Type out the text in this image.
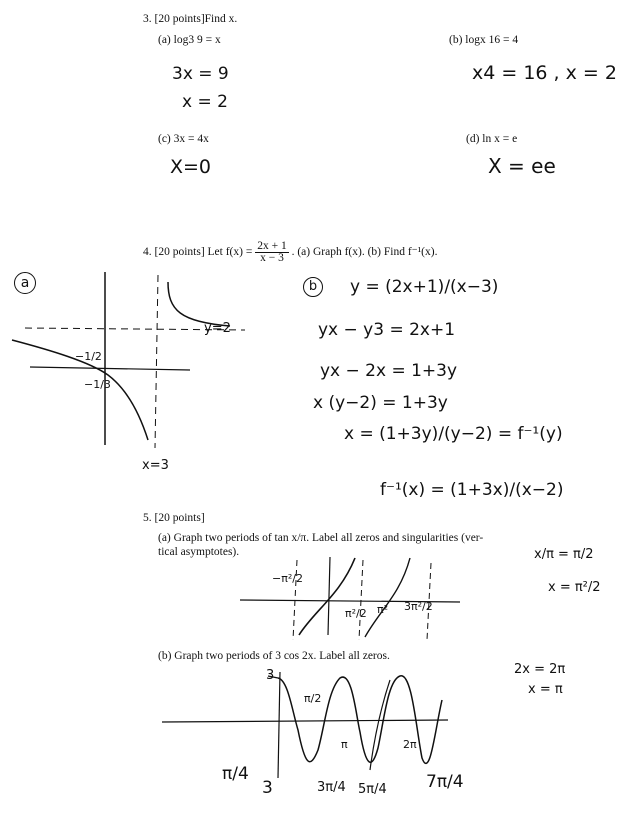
3. [20 points]Find x.
(a) log3 9 = x	(b) logx 16 = 4
3x = 9
x = 2
x4 = 16 , x = 2
(c) 3x = 4x	(d) ln x = e
X=0	X = ee
4. [20 points] Let $f(x) = \frac{2x + 1}{x - 3}$ . (a) Graph f(x). (b) Find f⁻¹(x).
a
y=2
x=3
−1/2
−1/3
b	y = (2x+1)/(x−3)
yx − y3 = 2x+1
yx − 2x = 1+3y
x (y−2) = 1+3y
x = (1+3y)/(y−2) = f⁻¹(y)
f⁻¹(x) = (1+3x)/(x−2)
5. [20 points]
(a) Graph two periods of tan x/π. Label all zeros and singularities (ver-
tical asymptotes).
−π²/2
π²/2 π² 3π²/2
x/π = π/2
x = π²/2
(b) Graph two periods of 3 cos 2x. Label all zeros.
3
π/2
π	2π
π/4
3	3π/4 5π/4 7π/4
2x = 2π
x = π
